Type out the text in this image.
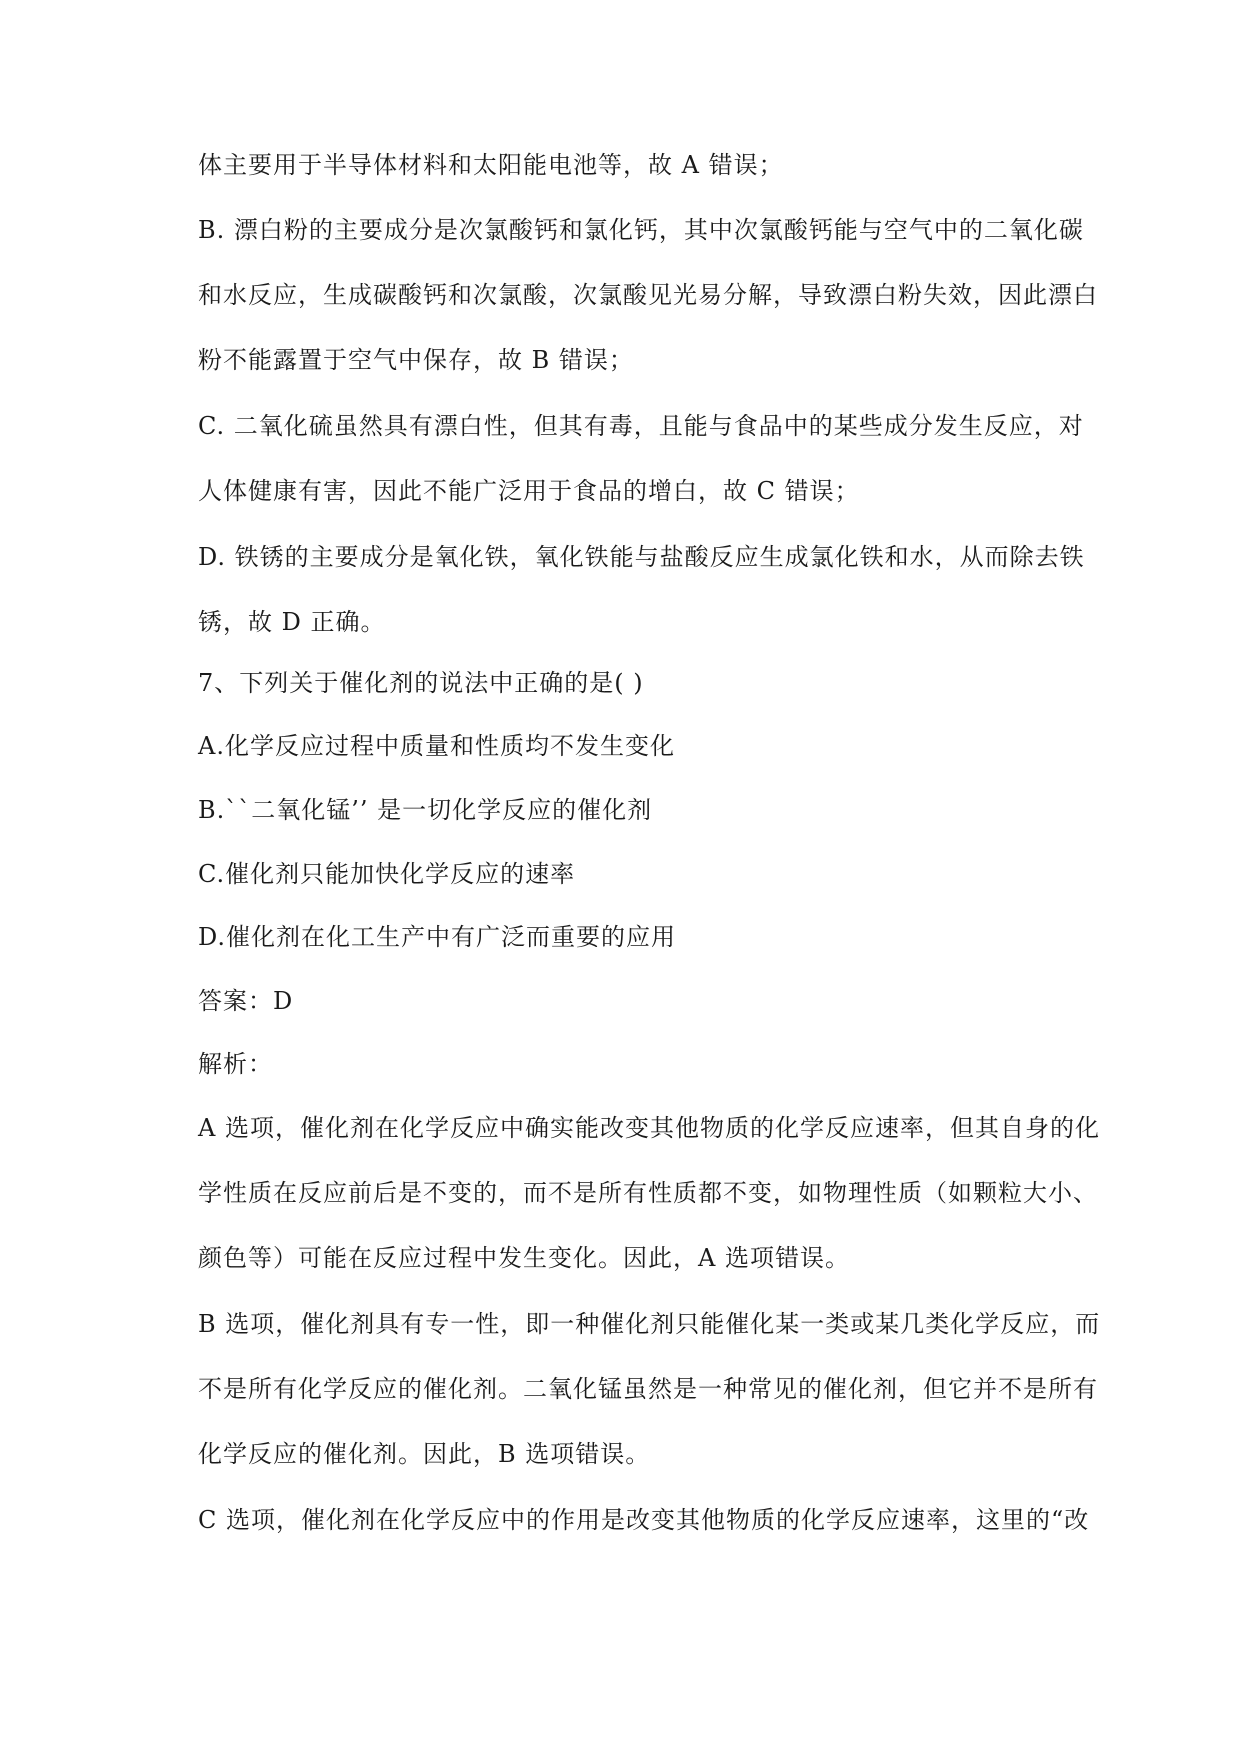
体主要用于半导体材料和太阳能电池等，故 A 错误；
B. 漂白粉的主要成分是次氯酸钙和氯化钙，其中次氯酸钙能与空气中的二氧化碳
和水反应，生成碳酸钙和次氯酸，次氯酸见光易分解，导致漂白粉失效，因此漂白
粉不能露置于空气中保存，故 B 错误；
C. 二氧化硫虽然具有漂白性，但其有毒，且能与食品中的某些成分发生反应，对
人体健康有害，因此不能广泛用于食品的增白，故 C 错误；
D. 铁锈的主要成分是氧化铁，氧化铁能与盐酸反应生成氯化铁和水，从而除去铁
锈，故 D 正确。
7、下列关于催化剂的说法中正确的是( )
A.化学反应过程中质量和性质均不发生变化
B.``二氧化锰’’ 是一切化学反应的催化剂
C.催化剂只能加快化学反应的速率
D.催化剂在化工生产中有广泛而重要的应用
答案：D
解析：
A 选项，催化剂在化学反应中确实能改变其他物质的化学反应速率，但其自身的化
学性质在反应前后是不变的，而不是所有性质都不变，如物理性质（如颗粒大小、
颜色等）可能在反应过程中发生变化。因此，A 选项错误。
B 选项，催化剂具有专一性，即一种催化剂只能催化某一类或某几类化学反应，而
不是所有化学反应的催化剂。二氧化锰虽然是一种常见的催化剂，但它并不是所有
化学反应的催化剂。因此，B 选项错误。
C 选项，催化剂在化学反应中的作用是改变其他物质的化学反应速率，这里的“改
